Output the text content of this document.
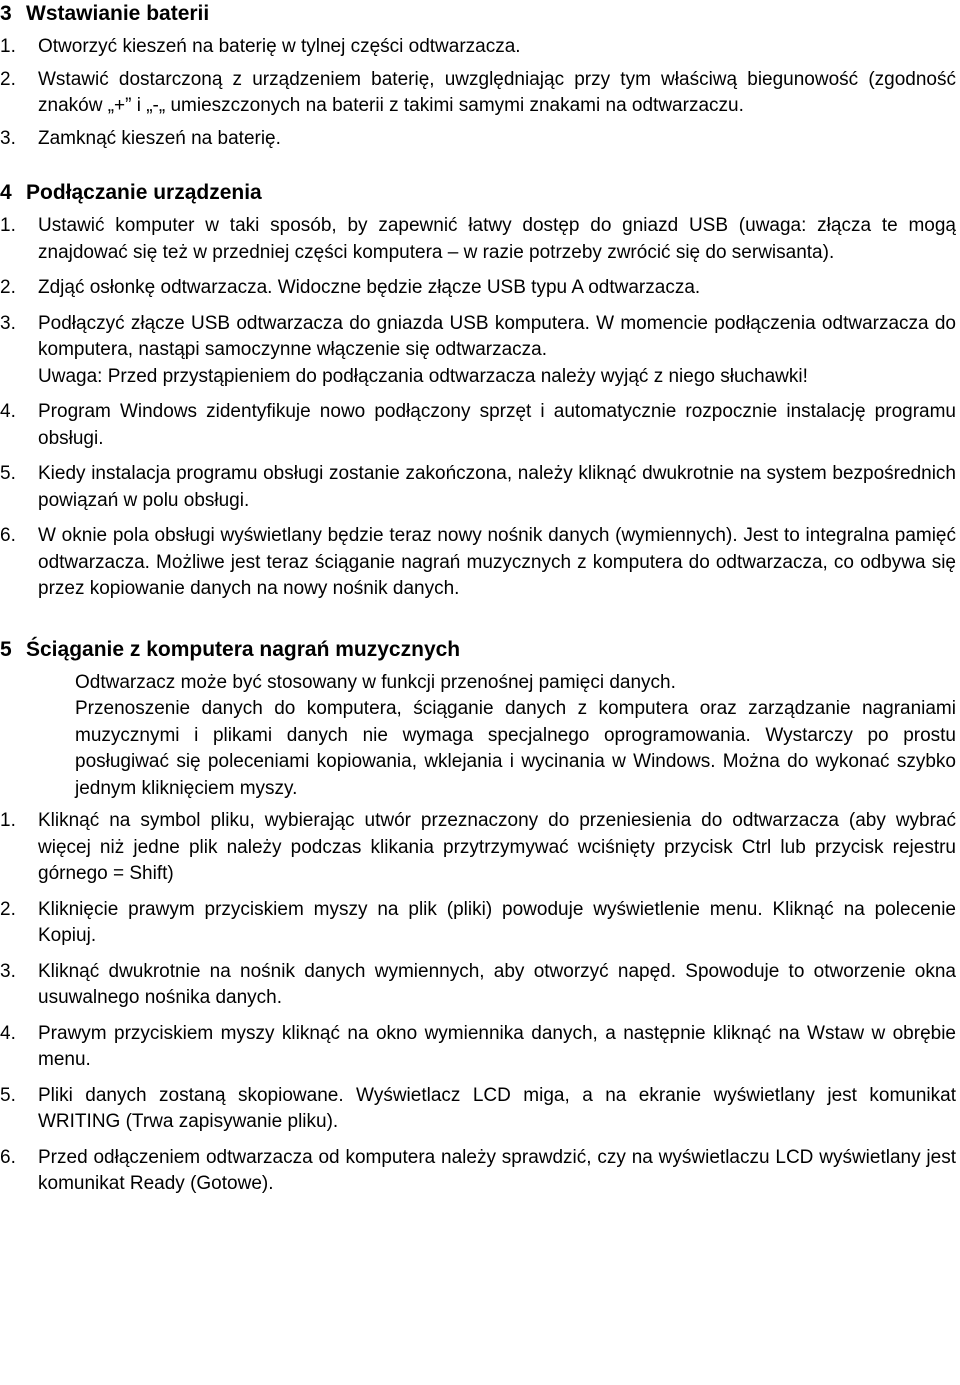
3 Wstawianie baterii
1.	Otworzyć kieszeń na baterię w tylnej części odtwarzacza.

2.	Wstawić dostarczoną z urządzeniem baterię, uwzględniając przy tym właściwą biegunowość (zgodność znaków „+” i „-„ umieszczonych na baterii z takimi samymi znakami na odtwarzaczu.

3.	Zamknąć kieszeń na baterię.

4 Podłączanie urządzenia
1.	Ustawić komputer w taki sposób, by zapewnić łatwy dostęp do gniazd USB (uwaga: złącza te mogą znajdować się też w przedniej części komputera – w razie potrzeby zwrócić się do serwisanta).

2.	Zdjąć osłonkę odtwarzacza. Widoczne będzie złącze USB typu A odtwarzacza.

3.	Podłączyć złącze USB odtwarzacza do gniazda USB komputera. W momencie podłączenia odtwarzacza do komputera, nastąpi samoczynne włączenie się odtwarzacza.

Uwaga: Przed przystąpieniem do podłączania odtwarzacza należy wyjąć z niego słuchawki!

4.	Program Windows zidentyfikuje nowo podłączony sprzęt i automatycznie rozpocznie instalację programu obsługi.

5.	Kiedy instalacja programu obsługi zostanie zakończona, należy kliknąć dwukrotnie na system bezpośrednich powiązań w polu obsługi.

6.	W oknie pola obsługi wyświetlany będzie teraz nowy nośnik danych (wymiennych). Jest to integralna pamięć odtwarzacza. Możliwe jest teraz ściąganie nagrań muzycznych z komputera do odtwarzacza, co odbywa się przez kopiowanie danych na nowy nośnik danych.

5 Ściąganie z komputera nagrań muzycznych

Odtwarzacz może być stosowany w funkcji przenośnej pamięci danych.

Przenoszenie danych do komputera, ściąganie danych z komputera oraz zarządzanie nagraniami muzycznymi i plikami danych nie wymaga specjalnego oprogramowania. Wystarczy po prostu posługiwać się poleceniami kopiowania, wklejania i wycinania w Windows. Można do wykonać szybko jednym kliknięciem myszy.

1.	Kliknąć na symbol pliku, wybierając utwór przeznaczony do przeniesienia do odtwarzacza (aby wybrać więcej niż jedne plik należy podczas klikania przytrzymywać wciśnięty przycisk Ctrl lub przycisk rejestru górnego = Shift)

2.	Kliknięcie prawym przyciskiem myszy na plik (pliki) powoduje wyświetlenie menu. Kliknąć na polecenie Kopiuj.

3.	Kliknąć dwukrotnie na nośnik danych wymiennych, aby otworzyć napęd. Spowoduje to otworzenie okna usuwalnego nośnika danych.

4.	Prawym przyciskiem myszy kliknąć na okno wymiennika danych, a następnie kliknąć na Wstaw w obrębie menu.

5.	Pliki danych zostaną skopiowane. Wyświetlacz LCD miga, a na ekranie wyświetlany jest komunikat WRITING (Trwa zapisywanie pliku).

6.	Przed odłączeniem odtwarzacza od komputera należy sprawdzić, czy na wyświetlaczu LCD wyświetlany jest komunikat Ready (Gotowe).
